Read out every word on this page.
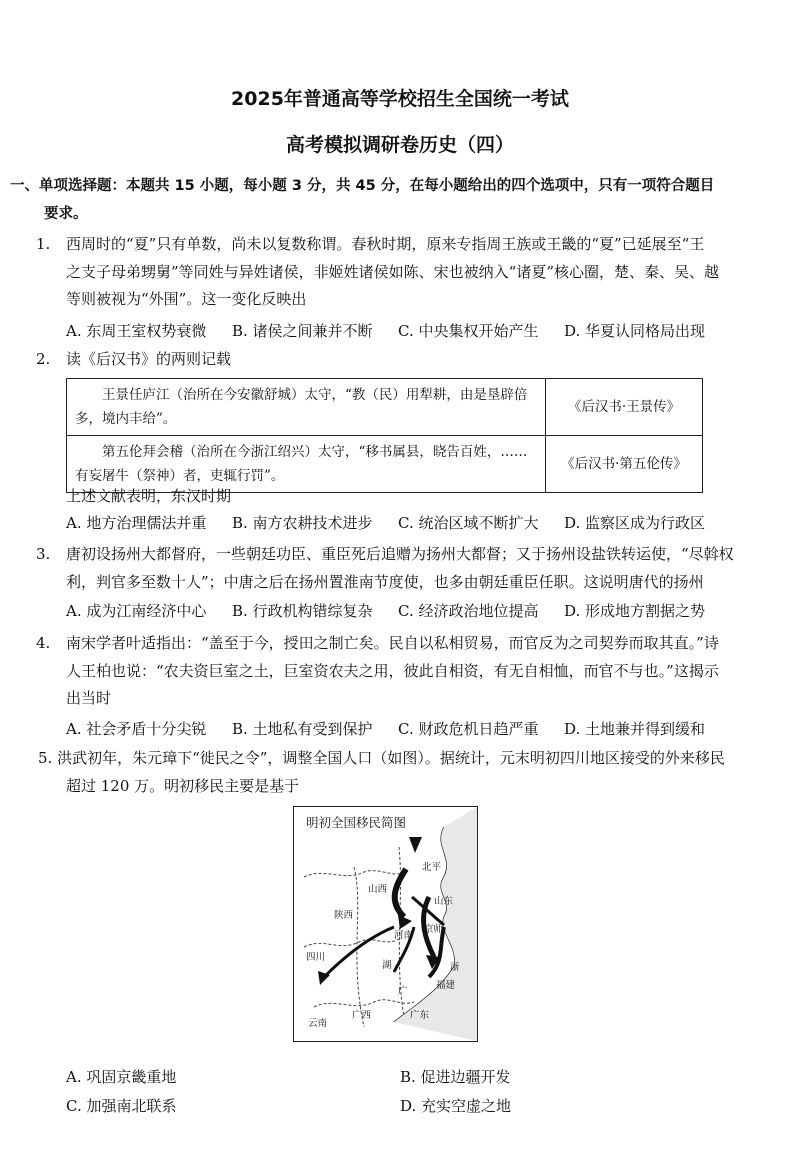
2025年普通高等学校招生全国统一考试
高考模拟调研卷历史（四）
一、单项选择题：本题共 15 小题，每小题 3 分，共 45 分，在每小题给出的四个选项中，只有一项符合题目
要求。
1. 西周时的“夏”只有单数，尚未以复数称谓。春秋时期，原来专指周王族或王畿的“夏”已延展至“王
之支子母弟甥舅”等同姓与异姓诸侯，非姬姓诸侯如陈、宋也被纳入“诸夏”核心圈，楚、秦、吴、越
等则被视为“外围”。这一变化反映出
A. 东周王室权势衰微	B. 诸侯之间兼并不断	C. 中央集权开始产生	D. 华夏认同格局出现
2. 读《后汉书》的两则记载
王景任庐江（治所在今安徽舒城）太守，“教（民）用犁耕，由是垦辟倍多，境内丰给”。	《后汉书·王景传》
第五伦拜会稽（治所在今浙江绍兴）太守，“移书属县，晓告百姓，……有妄屠牛（祭神）者，吏辄行罚”。	《后汉书·第五伦传》
上述文献表明，东汉时期
A. 地方治理儒法并重	B. 南方农耕技术进步	C. 统治区域不断扩大	D. 监察区成为行政区
3. 唐初设扬州大都督府，一些朝廷功臣、重臣死后追赠为扬州大都督；又于扬州设盐铁转运使，“尽斡权
利，判官多至数十人”；中唐之后在扬州置淮南节度使，也多由朝廷重臣任职。这说明唐代的扬州
A. 成为江南经济中心	B. 行政机构错综复杂	C. 经济政治地位提高	D. 形成地方割据之势
4. 南宋学者叶适指出：“盖至于今，授田之制亡矣。民自以私相贸易，而官反为之司契券而取其直。”诗
人王柏也说：“农夫资巨室之土，巨室资农夫之用，彼此自相资，有无自相恤，而官不与也。”这揭示
出当时
A. 社会矛盾十分尖锐	B. 土地私有受到保护	C. 财政危机日趋严重	D. 土地兼并得到缓和
5. 洪武初年，朱元璋下“徙民之令”，调整全国人口（如图）。据统计，元末明初四川地区接受的外来移民
超过 120 万。明初移民主要是基于
明初全国移民简图
山西
北平
山东
陕西
河南
京师
四川
湖	浙
福建
云南
广西	广东
广
A. 巩固京畿重地	B. 促进边疆开发
C. 加强南北联系	D. 充实空虚之地
